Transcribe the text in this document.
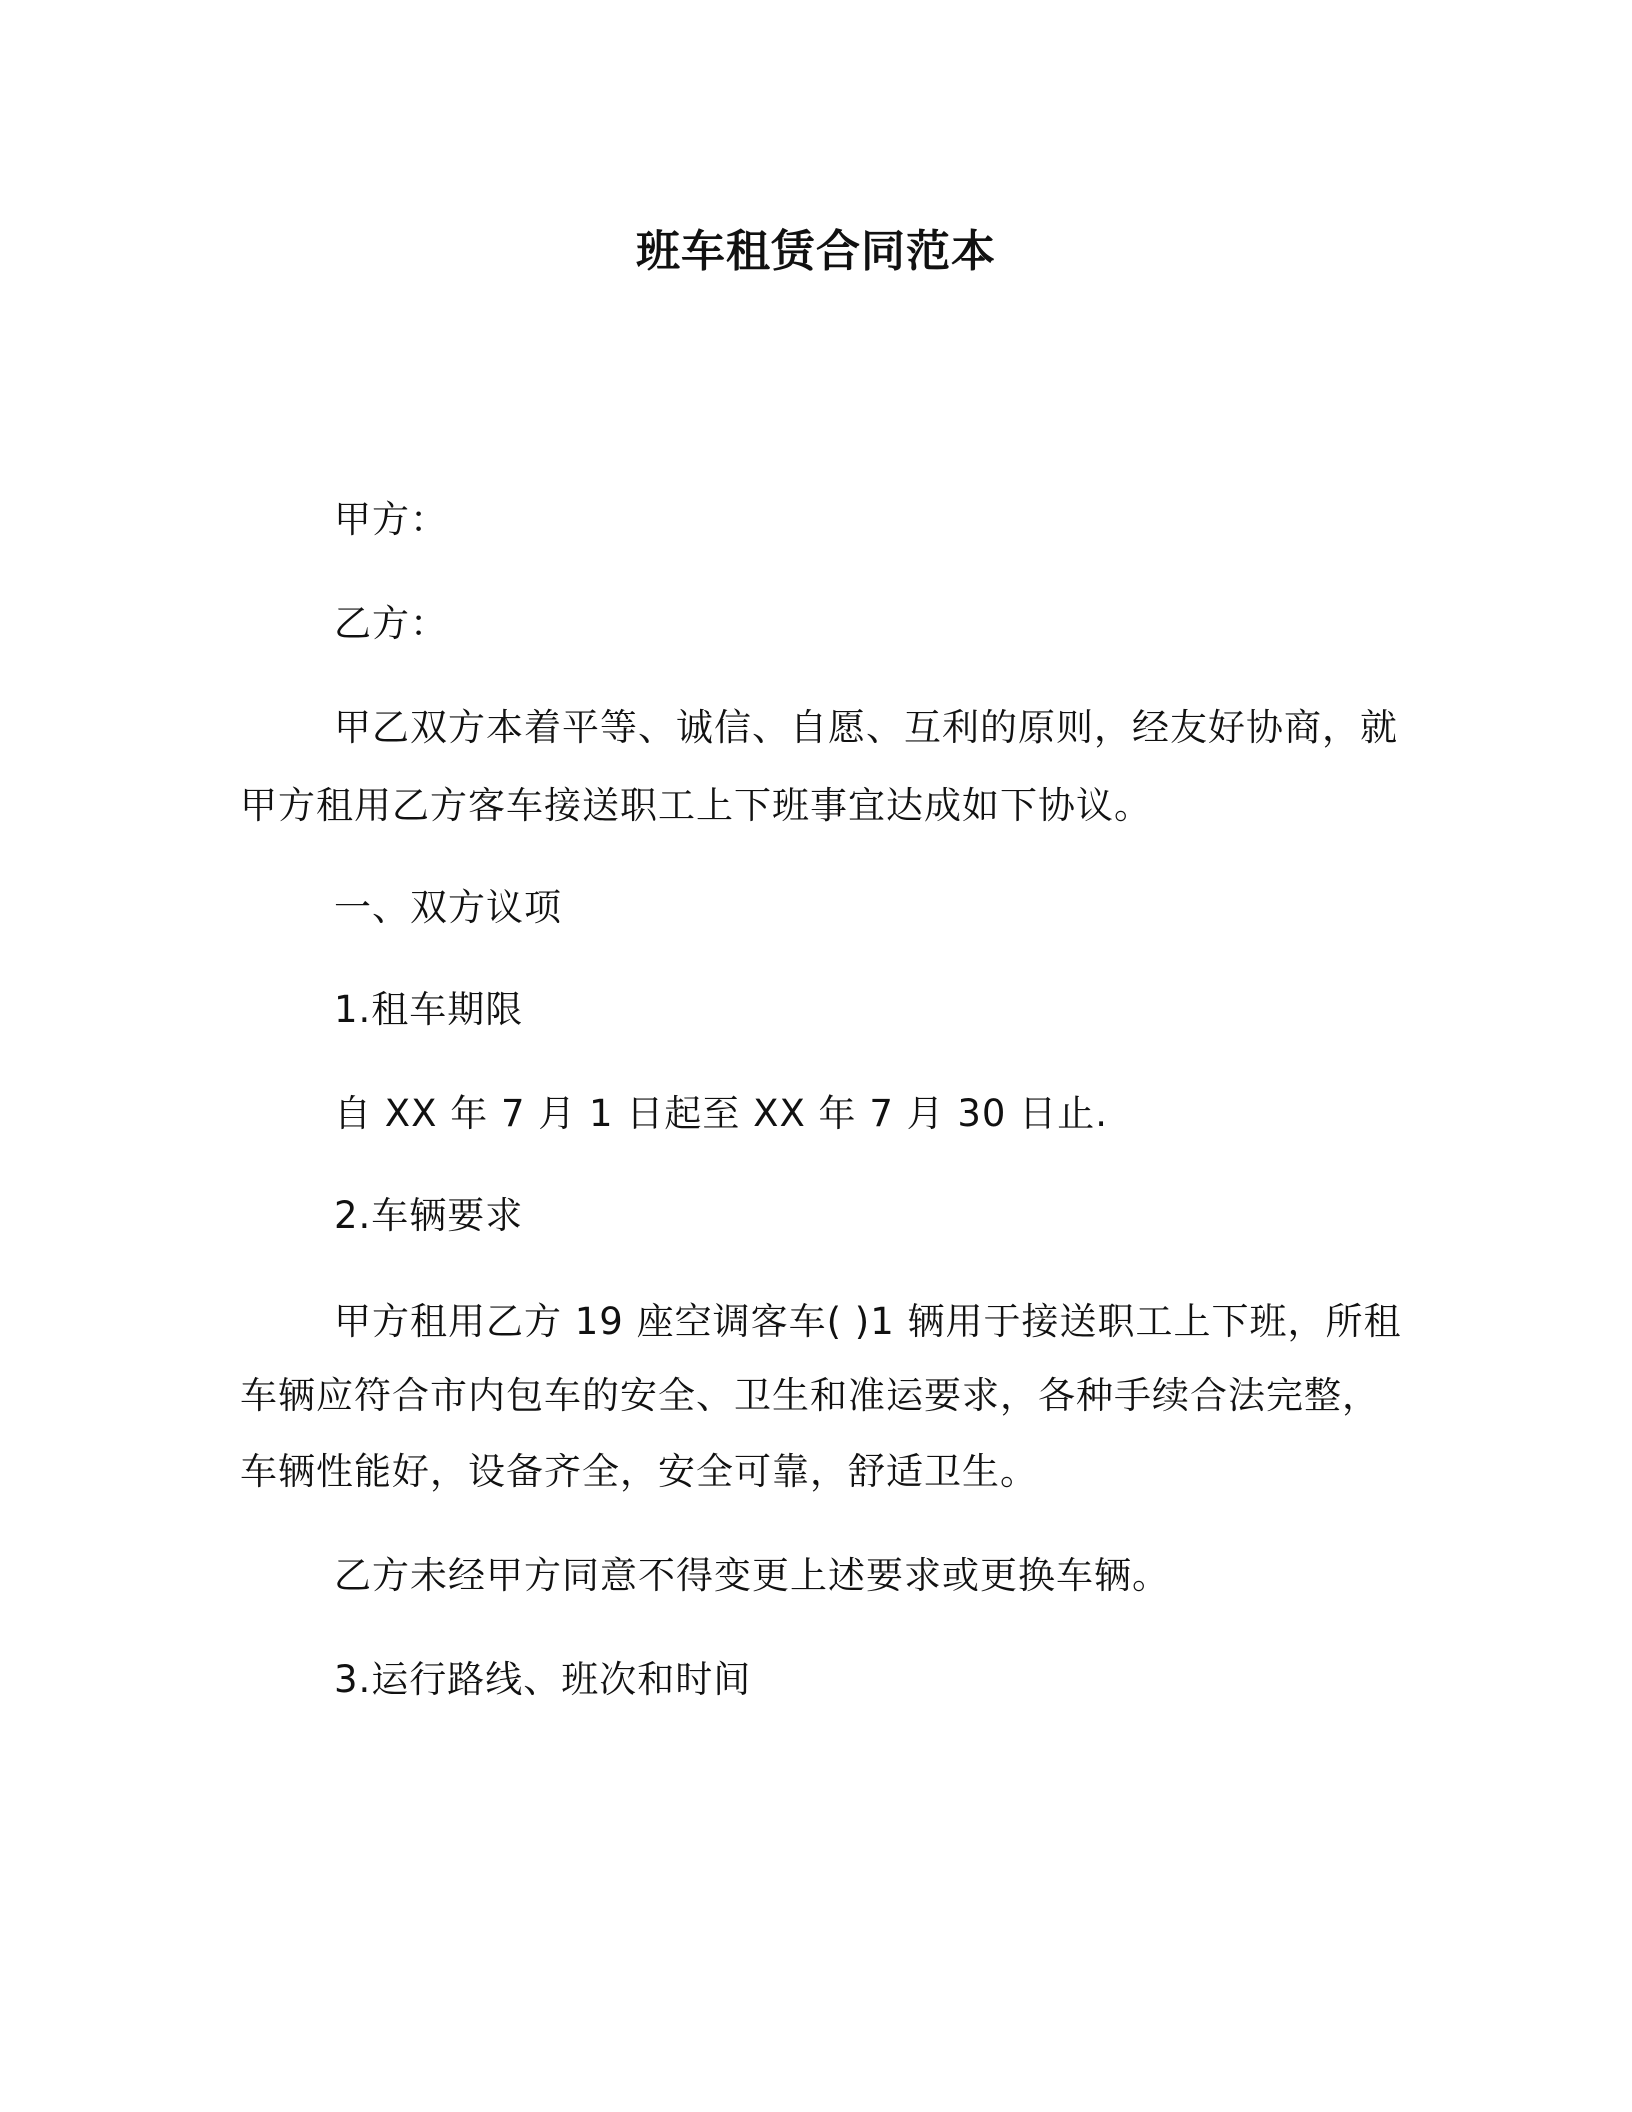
班车租赁合同范本
甲方：
乙方：
甲乙双方本着平等、诚信、自愿、互利的原则，经友好协商，就
甲方租用乙方客车接送职工上下班事宜达成如下协议。
一、双方议项
1.租车期限
自 XX 年 7 月 1 日起至 XX 年 7 月 30 日止.
2.车辆要求
甲方租用乙方 19 座空调客车( )1 辆用于接送职工上下班，所租
车辆应符合市内包车的安全、卫生和准运要求，各种手续合法完整，
车辆性能好，设备齐全，安全可靠，舒适卫生。
乙方未经甲方同意不得变更上述要求或更换车辆。
3.运行路线、班次和时间
